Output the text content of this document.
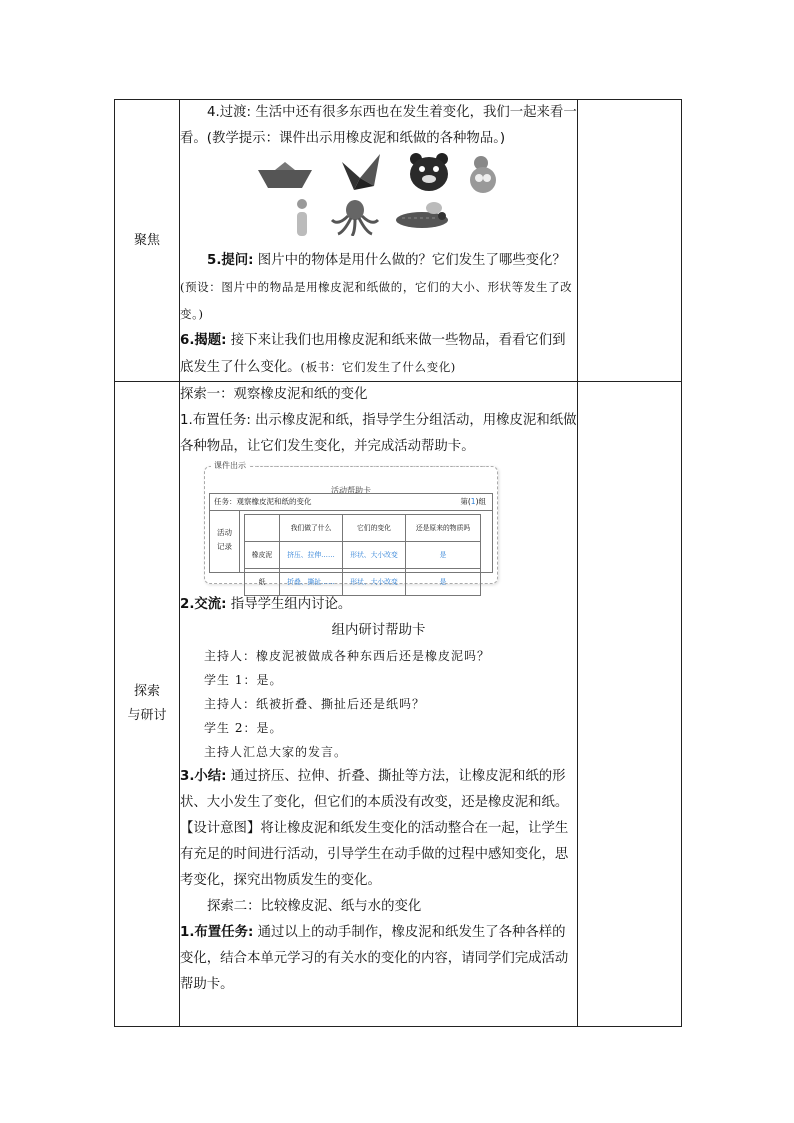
聚焦	

4.过渡: 生活中还有很多东西也在发生着变化，我们一起来看一看。(教学提示：课件出示用橡皮泥和纸做的各种物品。)

5.提问: 图片中的物体是用什么做的？它们发生了哪些变化？(预设：图片中的物品是用橡皮泥和纸做的，它们的大小、形状等发生了改变。)

6.揭题: 接下来让我们也用橡皮泥和纸来做一些物品，看看它们到底发生了什么变化。(板书：它们发生了什么变化)

探索
与研讨	

探索一：观察橡皮泥和纸的变化

1.布置任务: 出示橡皮泥和纸，指导学生分组活动，用橡皮泥和纸做各种物品，让它们发生变化，并完成活动帮助卡。

课件出示
活动帮助卡
任务：观察橡皮泥和纸的变化	第(1)组
活动
记录
	我们做了什么	它们的变化	还是原来的物质吗
橡皮泥	挤压、拉伸……	形状、大小改变	是
纸	折叠、撕扯……	形状、大小改变	是

2.交流: 指导学生组内讨论。

组内研讨帮助卡

主持人：橡皮泥被做成各种东西后还是橡皮泥吗？
学生 1：是。
主持人：纸被折叠、撕扯后还是纸吗？
学生 2：是。
主持人汇总大家的发言。

3.小结: 通过挤压、拉伸、折叠、撕扯等方法，让橡皮泥和纸的形状、大小发生了变化，但它们的本质没有改变，还是橡皮泥和纸。

【设计意图】将让橡皮泥和纸发生变化的活动整合在一起，让学生有充足的时间进行活动，引导学生在动手做的过程中感知变化，思考变化，探究出物质发生的变化。

探索二：比较橡皮泥、纸与水的变化

1.布置任务: 通过以上的动手制作，橡皮泥和纸发生了各种各样的变化，结合本单元学习的有关水的变化的内容，请同学们完成活动帮助卡。
